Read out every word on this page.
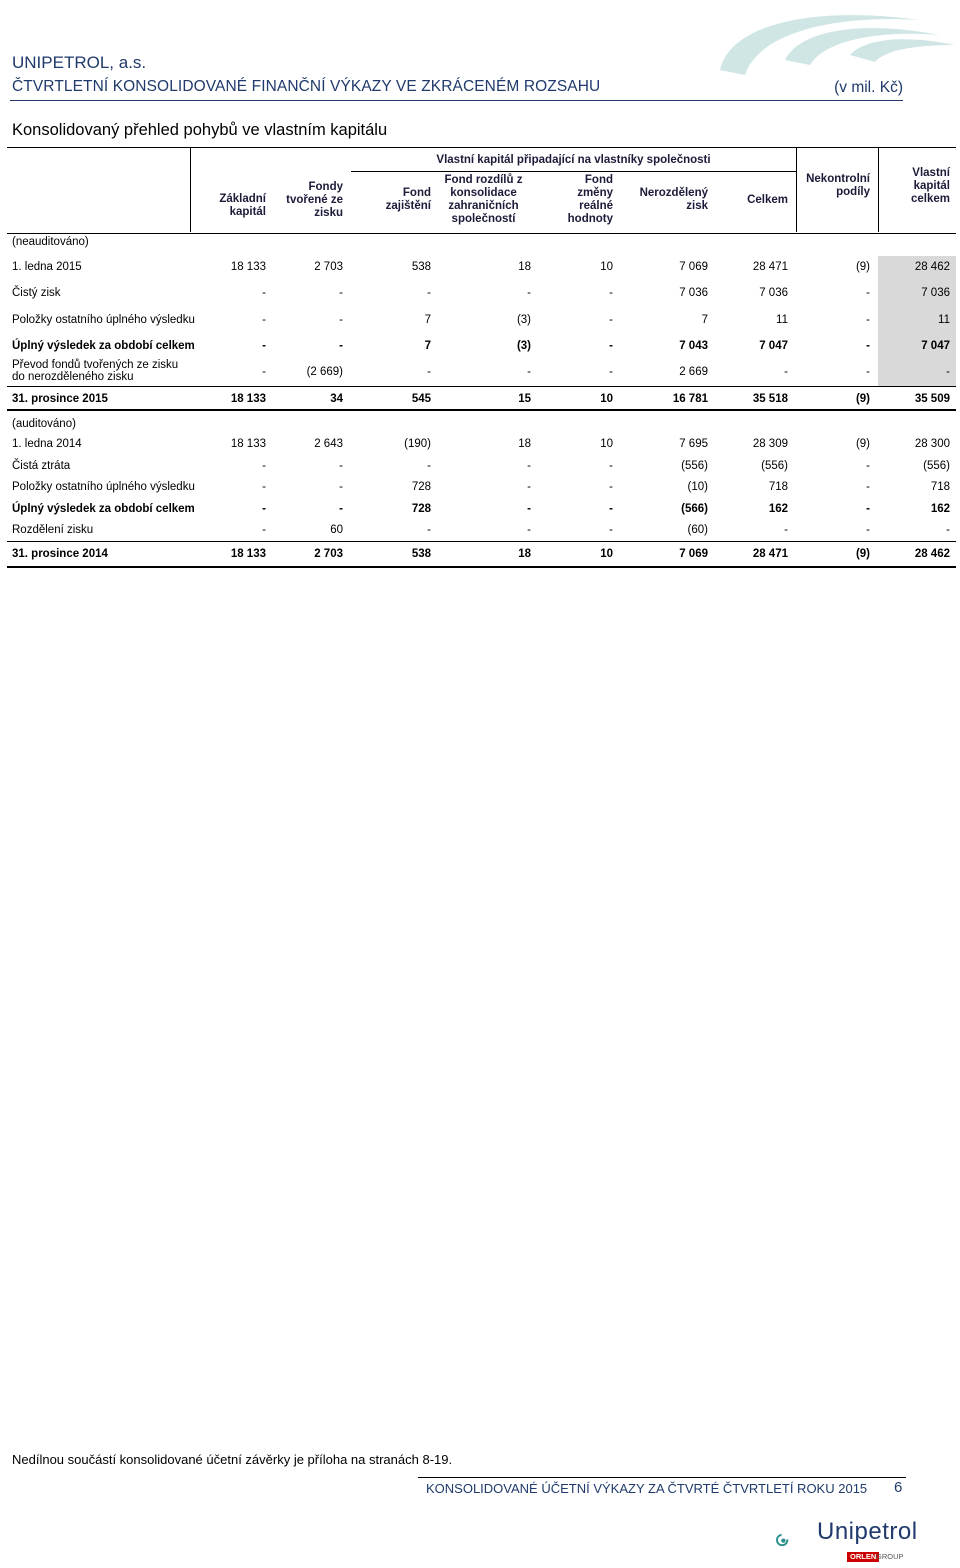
UNIPETROL, a.s.
ČTVRTLETNÍ KONSOLIDOVANÉ FINANČNÍ VÝKAZY VE ZKRÁCENÉM ROZSAHU	(v mil. Kč)
Konsolidovaný přehled pohybů ve vlastním kapitálu
Vlastní kapitál připadající na vlastníky společnosti
Základní
kapitál
Fondy
tvořené ze
zisku
Fond
zajištění
Fond rozdílů z
konsolidace
zahraničních
společností
Fond
změny
reálné
hodnoty
Nerozdělený
zisk
Celkem
Nekontrolní
podíly
Vlastní
kapitál
celkem
(neauditováno)
1. ledna 2015	18 133	2 703	538	18	10	7 069	28 471	(9)	28 462
Čistý zisk	-	-	-	-	-	7 036	7 036	-	7 036
Položky ostatního úplného výsledku	-	-	7	(3)	-	7	11	-	11
Úplný výsledek za období celkem	-	-	7	(3)	-	7 043	7 047	-	7 047
Převod fondů tvořených ze zisku do nerozděleného zisku	-	(2 669)	-	-	-	2 669	-	-	-
31. prosince 2015	18 133	34	545	15	10	16 781	35 518	(9)	35 509
(auditováno)
1. ledna 2014	18 133	2 643	(190)	18	10	7 695	28 309	(9)	28 300
Čistá ztráta	-	-	-	-	-	(556)	(556)	-	(556)
Položky ostatního úplného výsledku	-	-	728	-	-	(10)	718	-	718
Úplný výsledek za období celkem	-	-	728	-	-	(566)	162	-	162
Rozdělení zisku	-	60	-	-	-	(60)	-	-	-
31. prosince 2014	18 133	2 703	538	18	10	7 069	28 471	(9)	28 462
Nedílnou součástí konsolidované účetní závěrky je příloha na stranách 8-19.
KONSOLIDOVANÉ ÚČETNÍ VÝKAZY ZA ČTVRTÉ ČTVRTLETÍ ROKU 2015 6
Unipetrol
ORLEN GROUP
